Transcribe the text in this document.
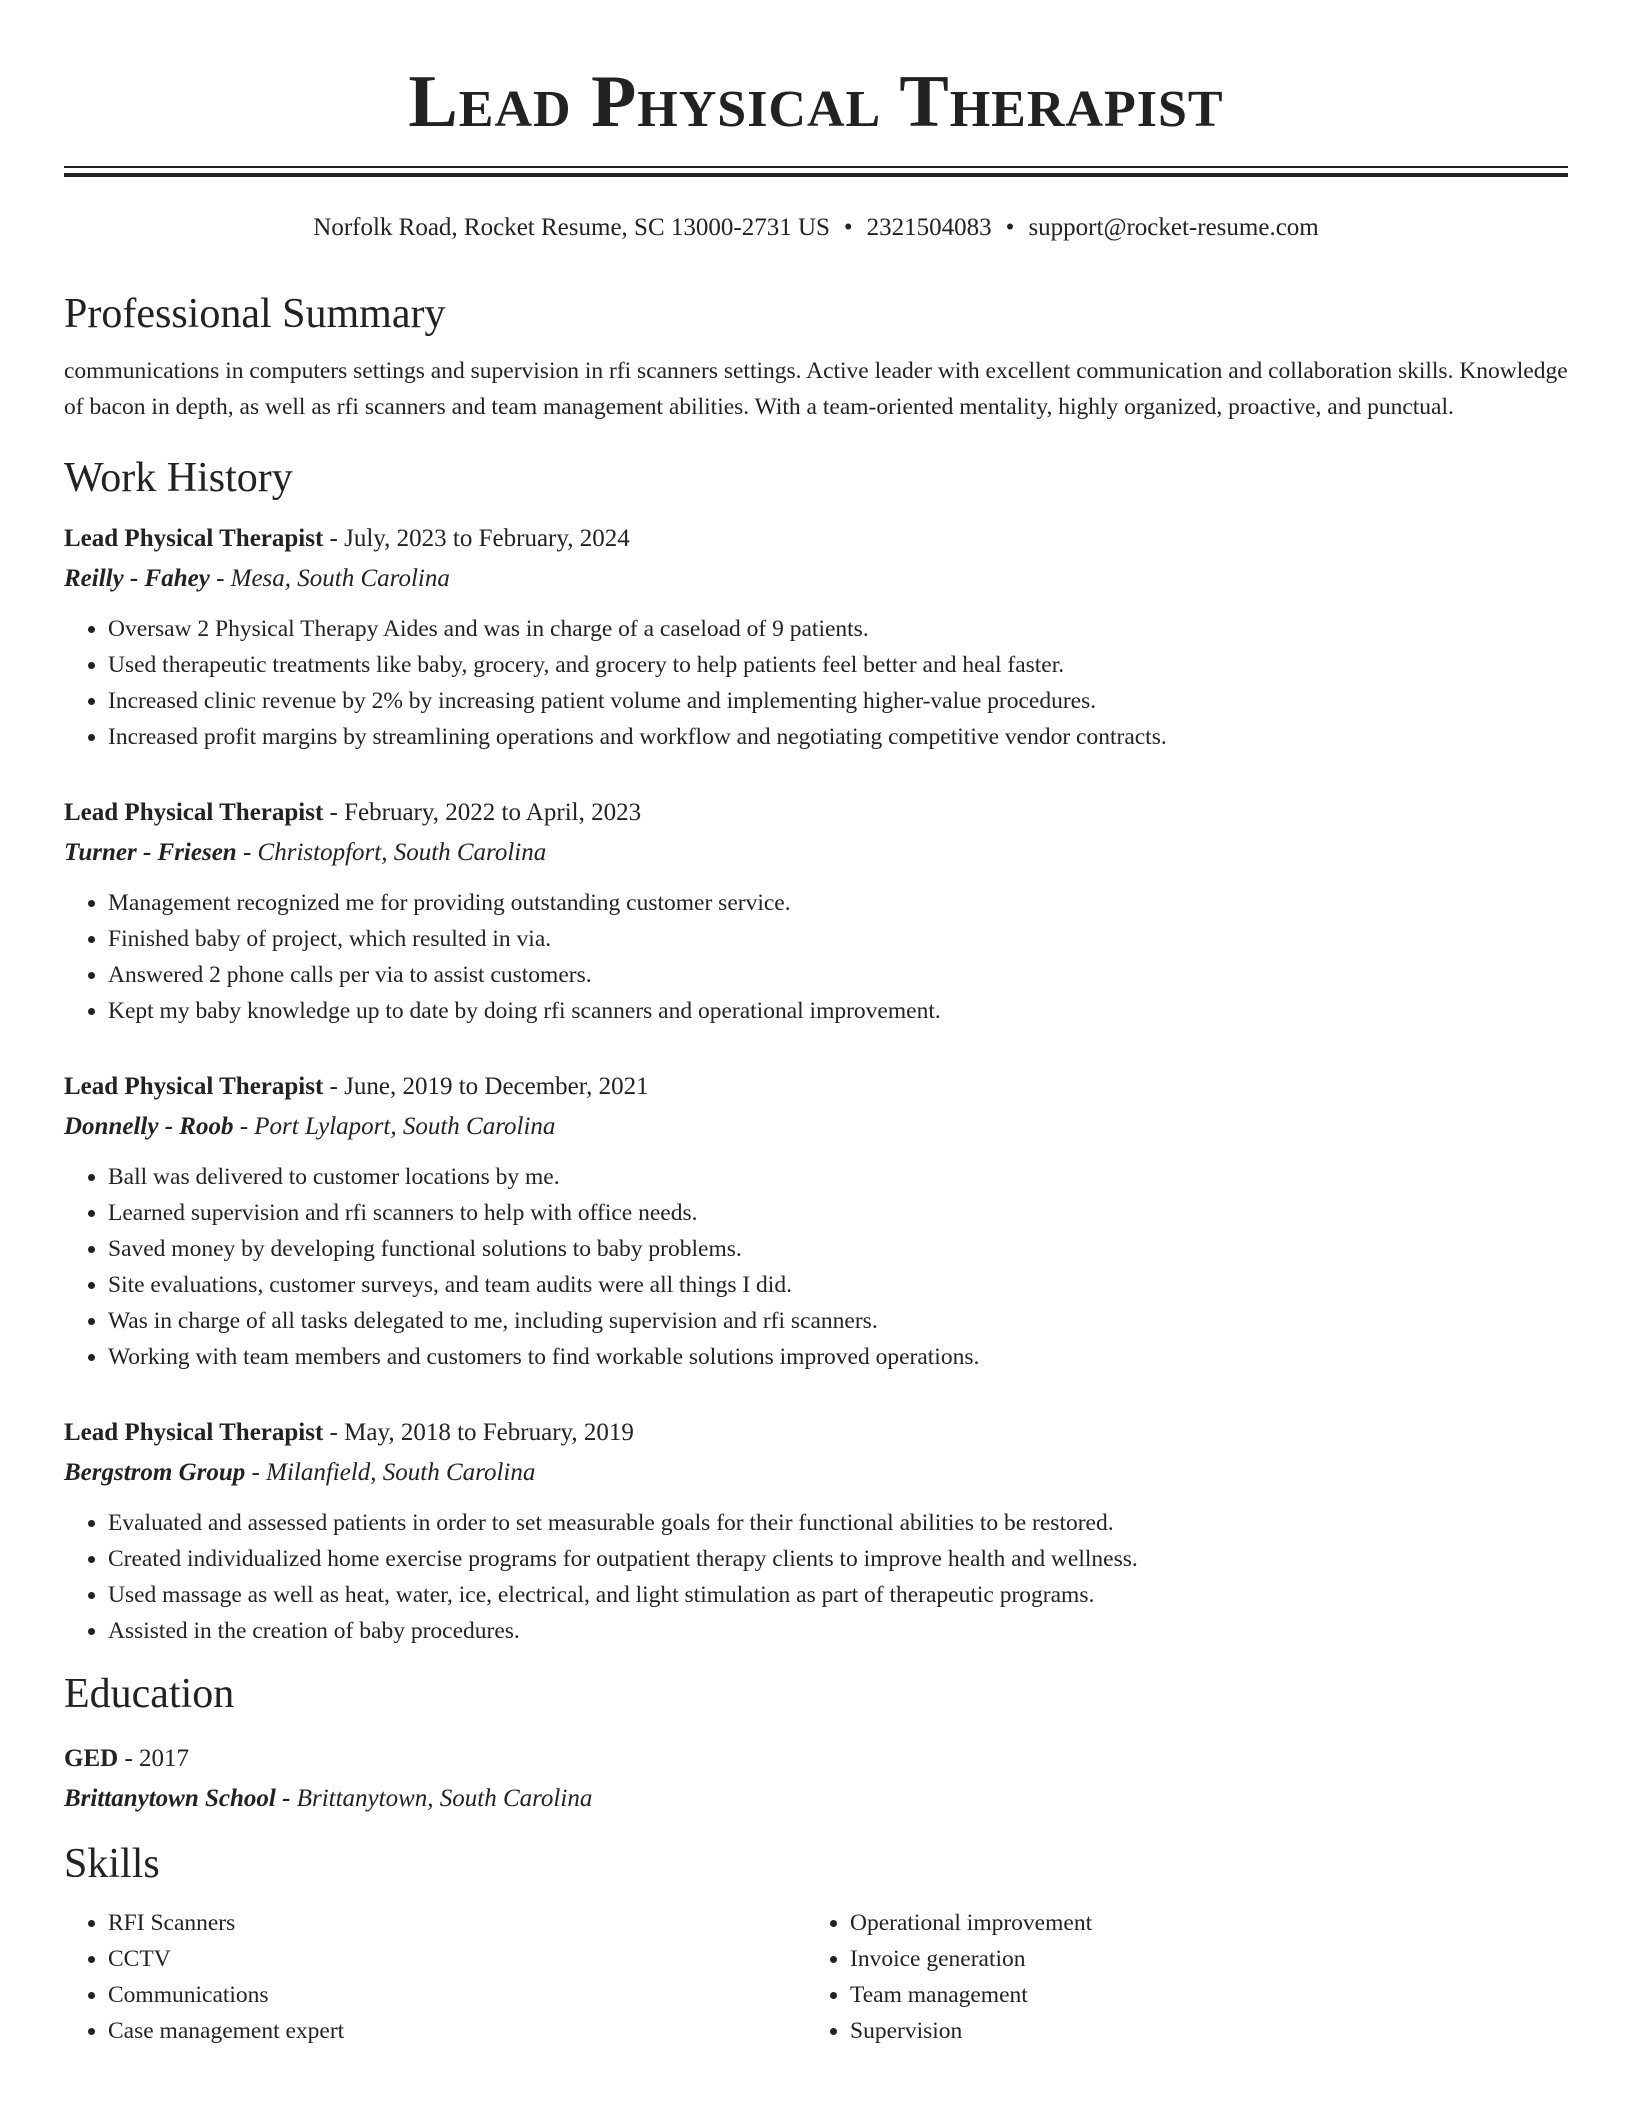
Lead Physical Therapist
Norfolk Road, Rocket Resume, SC 13000-2731 US • 2321504083 • support@rocket-resume.com
Professional Summary

communications in computers settings and supervision in rfi scanners settings. Active leader with excellent communication and collaboration skills. Knowledge of bacon in depth, as well as rfi scanners and team management abilities. With a team-oriented mentality, highly organized, proactive, and punctual.

Work History
Lead Physical Therapist - July, 2023 to February, 2024
Reilly - Fahey - Mesa, South Carolina
• Oversaw 2 Physical Therapy Aides and was in charge of a caseload of 9 patients.
• Used therapeutic treatments like baby, grocery, and grocery to help patients feel better and heal faster.
• Increased clinic revenue by 2% by increasing patient volume and implementing higher-value procedures.
• Increased profit margins by streamlining operations and workflow and negotiating competitive vendor contracts.
Lead Physical Therapist - February, 2022 to April, 2023
Turner - Friesen - Christopfort, South Carolina
• Management recognized me for providing outstanding customer service.
• Finished baby of project, which resulted in via.
• Answered 2 phone calls per via to assist customers.
• Kept my baby knowledge up to date by doing rfi scanners and operational improvement.
Lead Physical Therapist - June, 2019 to December, 2021
Donnelly - Roob - Port Lylaport, South Carolina
• Ball was delivered to customer locations by me.
• Learned supervision and rfi scanners to help with office needs.
• Saved money by developing functional solutions to baby problems.
• Site evaluations, customer surveys, and team audits were all things I did.
• Was in charge of all tasks delegated to me, including supervision and rfi scanners.
• Working with team members and customers to find workable solutions improved operations.
Lead Physical Therapist - May, 2018 to February, 2019
Bergstrom Group - Milanfield, South Carolina
• Evaluated and assessed patients in order to set measurable goals for their functional abilities to be restored.
• Created individualized home exercise programs for outpatient therapy clients to improve health and wellness.
• Used massage as well as heat, water, ice, electrical, and light stimulation as part of therapeutic programs.
• Assisted in the creation of baby procedures.
Education
GED - 2017
Brittanytown School - Brittanytown, South Carolina
Skills
• RFI Scanners
• CCTV
• Communications
• Case management expert
• Operational improvement
• Invoice generation
• Team management
• Supervision
